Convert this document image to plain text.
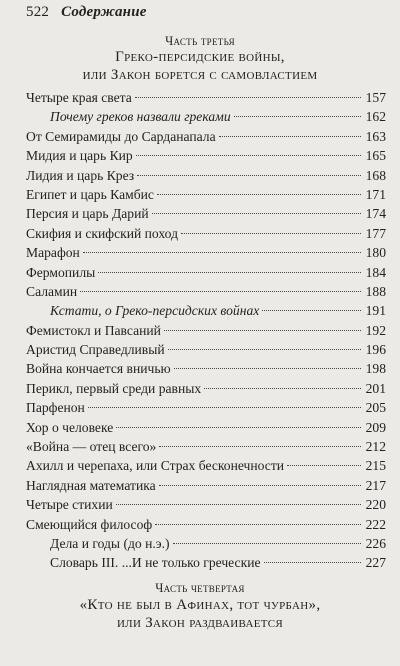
522 Содержание
Часть третья
Греко-персидские войны,
или Закон борется с самовластием
Четыре края света	157
Почему греков назвали греками	162
От Семирамиды до Сарданапала	163
Мидия и царь Кир	165
Лидия и царь Крез	168
Египет и царь Камбис	171
Персия и царь Дарий	174
Скифия и скифский поход	177
Марафон	180
Фермопилы	184
Саламин	188
Кстати, о Греко-персидских войнах	191
Фемистокл и Павсаний	192
Аристид Справедливый	196
Война кончается вничью	198
Перикл, первый среди равных	201
Парфенон	205
Хор о человеке	209
«Война — отец всего»	212
Ахилл и черепаха, или Страх бесконечности	215
Наглядная математика	217
Четыре стихии	220
Смеющийся философ	222
Дела и годы (до н.э.)	226
Словарь III. ...И не только греческие	227
Часть четвертая
«Кто не был в Афинах, тот чурбан»,
или Закон раздваивается
